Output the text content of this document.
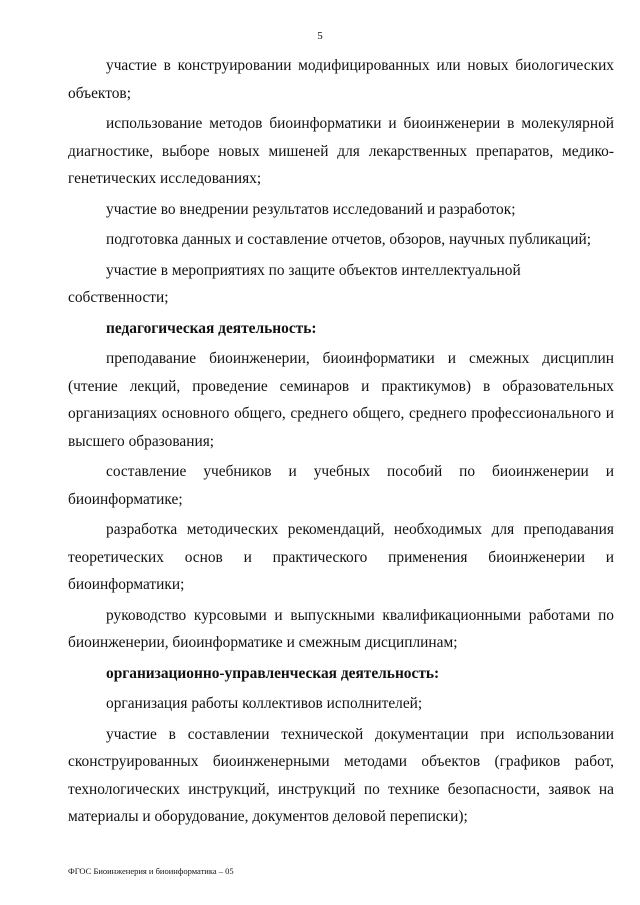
5

участие в конструировании модифицированных или новых биологических объектов;

использование методов биоинформатики и биоинженерии в молекулярной диагностике, выборе новых мишеней для лекарственных препаратов, медико-генетических исследованиях;

участие во внедрении результатов исследований и разработок;

подготовка данных и составление отчетов, обзоров, научных публикаций;

участие в мероприятиях по защите объектов интеллектуальной собственности;

педагогическая деятельность:

преподавание биоинженерии, биоинформатики и смежных дисциплин (чтение лекций, проведение семинаров и практикумов) в образовательных организациях основного общего, среднего общего, среднего профессионального и высшего образования;

составление учебников и учебных пособий по биоинженерии и биоинформатике;

разработка методических рекомендаций, необходимых для преподавания теоретических основ и практического применения биоинженерии и биоинформатики;

руководство курсовыми и выпускными квалификационными работами по биоинженерии, биоинформатике и смежным дисциплинам;

организационно-управленческая деятельность:

организация работы коллективов исполнителей;

участие в составлении технической документации при использовании сконструированных биоинженерными методами объектов (графиков работ, технологических инструкций, инструкций по технике безопасности, заявок на материалы и оборудование, документов деловой переписки);

ФГОС Биоинженерия и биоинформатика – 05
